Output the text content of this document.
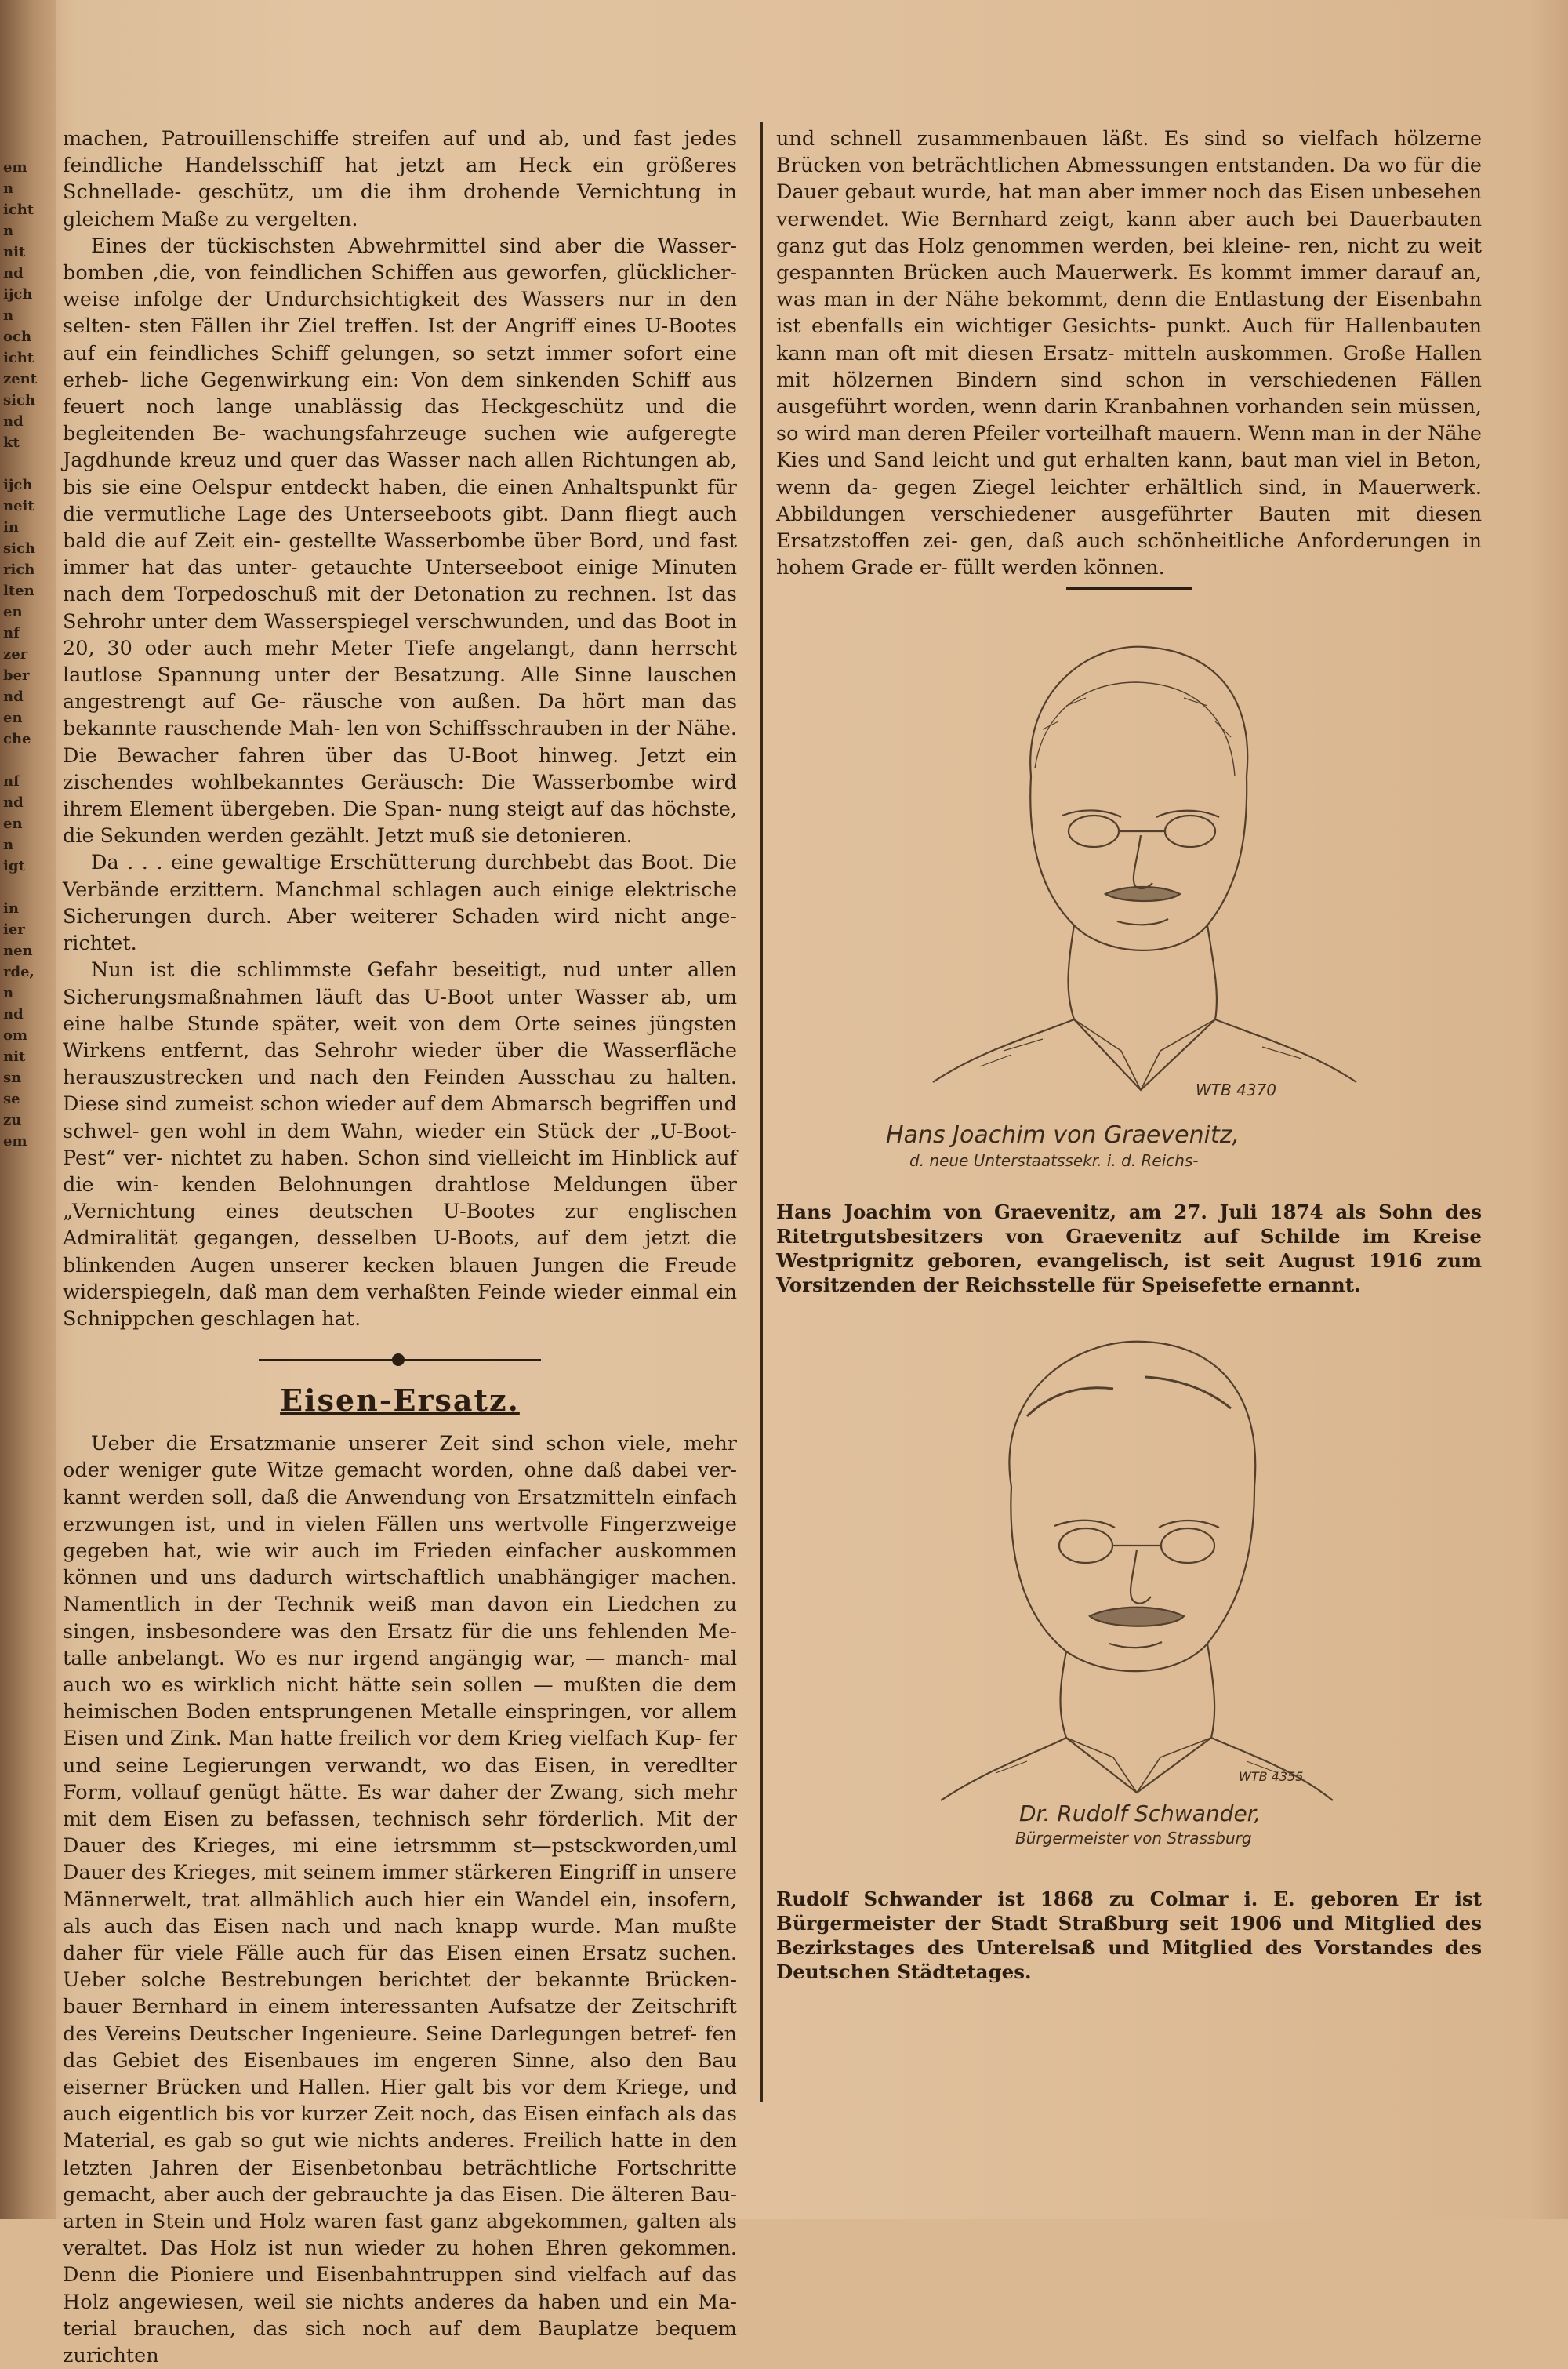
em
n
icht
n
nit
nd
ijch
n
och
icht
zent
sich
nd
kt

ijch
neit
in
sich
rich
lten
en
nf
zer
ber
nd
en
che

nf
nd
en
n
igt

in
ier
nen
rde,
n
nd
om
nit
sn
se
zu
em

machen, Patrouillenschiffe streifen auf und ab, und fast jedes feindliche Handelsschiff hat jetzt am Heck ein größeres Schnellade- geschütz, um die ihm drohende Vernichtung in gleichem Maße zu vergelten.

Eines der tückischsten Abwehrmittel sind aber die Wasser- bomben ,die, von feindlichen Schiffen aus geworfen, glücklicher- weise infolge der Undurchsichtigkeit des Wassers nur in den selten- sten Fällen ihr Ziel treffen. Ist der Angriff eines U-Bootes auf ein feindliches Schiff gelungen, so setzt immer sofort eine erheb- liche Gegenwirkung ein: Von dem sinkenden Schiff aus feuert noch lange unablässig das Heckgeschütz und die begleitenden Be- wachungsfahrzeuge suchen wie aufgeregte Jagdhunde kreuz und quer das Wasser nach allen Richtungen ab, bis sie eine Oelspur entdeckt haben, die einen Anhaltspunkt für die vermutliche Lage des Unterseeboots gibt. Dann fliegt auch bald die auf Zeit ein- gestellte Wasserbombe über Bord, und fast immer hat das unter- getauchte Unterseeboot einige Minuten nach dem Torpedoschuß mit der Detonation zu rechnen. Ist das Sehrohr unter dem Wasserspiegel verschwunden, und das Boot in 20, 30 oder auch mehr Meter Tiefe angelangt, dann herrscht lautlose Spannung unter der Besatzung. Alle Sinne lauschen angestrengt auf Ge- räusche von außen. Da hört man das bekannte rauschende Mah- len von Schiffsschrauben in der Nähe. Die Bewacher fahren über das U-Boot hinweg. Jetzt ein zischendes wohlbekanntes Geräusch: Die Wasserbombe wird ihrem Element übergeben. Die Span- nung steigt auf das höchste, die Sekunden werden gezählt. Jetzt muß sie detonieren.

Da . . . eine gewaltige Erschütterung durchbebt das Boot. Die Verbände erzittern. Manchmal schlagen auch einige elektrische Sicherungen durch. Aber weiterer Schaden wird nicht ange- richtet.

Nun ist die schlimmste Gefahr beseitigt, nud unter allen Sicherungsmaßnahmen läuft das U-Boot unter Wasser ab, um eine halbe Stunde später, weit von dem Orte seines jüngsten Wirkens entfernt, das Sehrohr wieder über die Wasserfläche herauszustrecken und nach den Feinden Ausschau zu halten. Diese sind zumeist schon wieder auf dem Abmarsch begriffen und schwel- gen wohl in dem Wahn, wieder ein Stück der „U-Boot-Pest“ ver- nichtet zu haben. Schon sind vielleicht im Hinblick auf die win- kenden Belohnungen drahtlose Meldungen über „Vernichtung eines deutschen U-Bootes zur englischen Admiralität gegangen, desselben U-Boots, auf dem jetzt die blinkenden Augen unserer kecken blauen Jungen die Freude widerspiegeln, daß man dem verhaßten Feinde wieder einmal ein Schnippchen geschlagen hat.

Eisen-Ersatz.

Ueber die Ersatzmanie unserer Zeit sind schon viele, mehr oder weniger gute Witze gemacht worden, ohne daß dabei ver- kannt werden soll, daß die Anwendung von Ersatzmitteln einfach erzwungen ist, und in vielen Fällen uns wertvolle Fingerzweige gegeben hat, wie wir auch im Frieden einfacher auskommen können und uns dadurch wirtschaftlich unabhängiger machen. Namentlich in der Technik weiß man davon ein Liedchen zu singen, insbesondere was den Ersatz für die uns fehlenden Me- talle anbelangt. Wo es nur irgend angängig war, — manch- mal auch wo es wirklich nicht hätte sein sollen — mußten die dem heimischen Boden entsprungenen Metalle einspringen, vor allem Eisen und Zink. Man hatte freilich vor dem Krieg vielfach Kup- fer und seine Legierungen verwandt, wo das Eisen, in veredlter Form, vollauf genügt hätte. Es war daher der Zwang, sich mehr mit dem Eisen zu befassen, technisch sehr förderlich. Mit der Dauer des Krieges, mi eine ietrsmmm st—pstsckworden,uml Dauer des Krieges, mit seinem immer stärkeren Eingriff in unsere Männerwelt, trat allmählich auch hier ein Wandel ein, insofern, als auch das Eisen nach und nach knapp wurde. Man mußte daher für viele Fälle auch für das Eisen einen Ersatz suchen. Ueber solche Bestrebungen berichtet der bekannte Brücken- bauer Bernhard in einem interessanten Aufsatze der Zeitschrift des Vereins Deutscher Ingenieure. Seine Darlegungen betref- fen das Gebiet des Eisenbaues im engeren Sinne, also den Bau eiserner Brücken und Hallen. Hier galt bis vor dem Kriege, und auch eigentlich bis vor kurzer Zeit noch, das Eisen einfach als das Material, es gab so gut wie nichts anderes. Freilich hatte in den letzten Jahren der Eisenbetonbau beträchtliche Fortschritte gemacht, aber auch der gebrauchte ja das Eisen. Die älteren Bau- arten in Stein und Holz waren fast ganz abgekommen, galten als veraltet. Das Holz ist nun wieder zu hohen Ehren gekommen. Denn die Pioniere und Eisenbahntruppen sind vielfach auf das Holz angewiesen, weil sie nichts anderes da haben und ein Ma- terial brauchen, das sich noch auf dem Bauplatze bequem zurichten

und schnell zusammenbauen läßt. Es sind so vielfach hölzerne Brücken von beträchtlichen Abmessungen entstanden. Da wo für die Dauer gebaut wurde, hat man aber immer noch das Eisen unbesehen verwendet. Wie Bernhard zeigt, kann aber auch bei Dauerbauten ganz gut das Holz genommen werden, bei kleine- ren, nicht zu weit gespannten Brücken auch Mauerwerk. Es kommt immer darauf an, was man in der Nähe bekommt, denn die Entlastung der Eisenbahn ist ebenfalls ein wichtiger Gesichts- punkt. Auch für Hallenbauten kann man oft mit diesen Ersatz- mitteln auskommen. Große Hallen mit hölzernen Bindern sind schon in verschiedenen Fällen ausgeführt worden, wenn darin Kranbahnen vorhanden sein müssen, so wird man deren Pfeiler vorteilhaft mauern. Wenn man in der Nähe Kies und Sand leicht und gut erhalten kann, baut man viel in Beton, wenn da- gegen Ziegel leichter erhältlich sind, in Mauerwerk. Abbildungen verschiedener ausgeführter Bauten mit diesen Ersatzstoffen zei- gen, daß auch schönheitliche Anforderungen in hohem Grade er- füllt werden können.

WTB 4370
Hans Joachim von Graevenitz,
d. neue Unterstaatssekr. i. d. Reichs-

Hans Joachim von Graevenitz, am 27. Juli 1874 als Sohn des Ritetrgutsbesitzers von Graevenitz auf Schilde im Kreise Westprignitz geboren, evangelisch, ist seit August 1916 zum Vorsitzenden der Reichsstelle für Speisefette ernannt.

WTB 4355
Dr. Rudolf Schwander,
Bürgermeister von Strassburg

Rudolf Schwander ist 1868 zu Colmar i. E. geboren Er ist Bürgermeister der Stadt Straßburg seit 1906 und Mitglied des Bezirkstages des Unterelsaß und Mitglied des Vorstandes des Deutschen Städtetages.
